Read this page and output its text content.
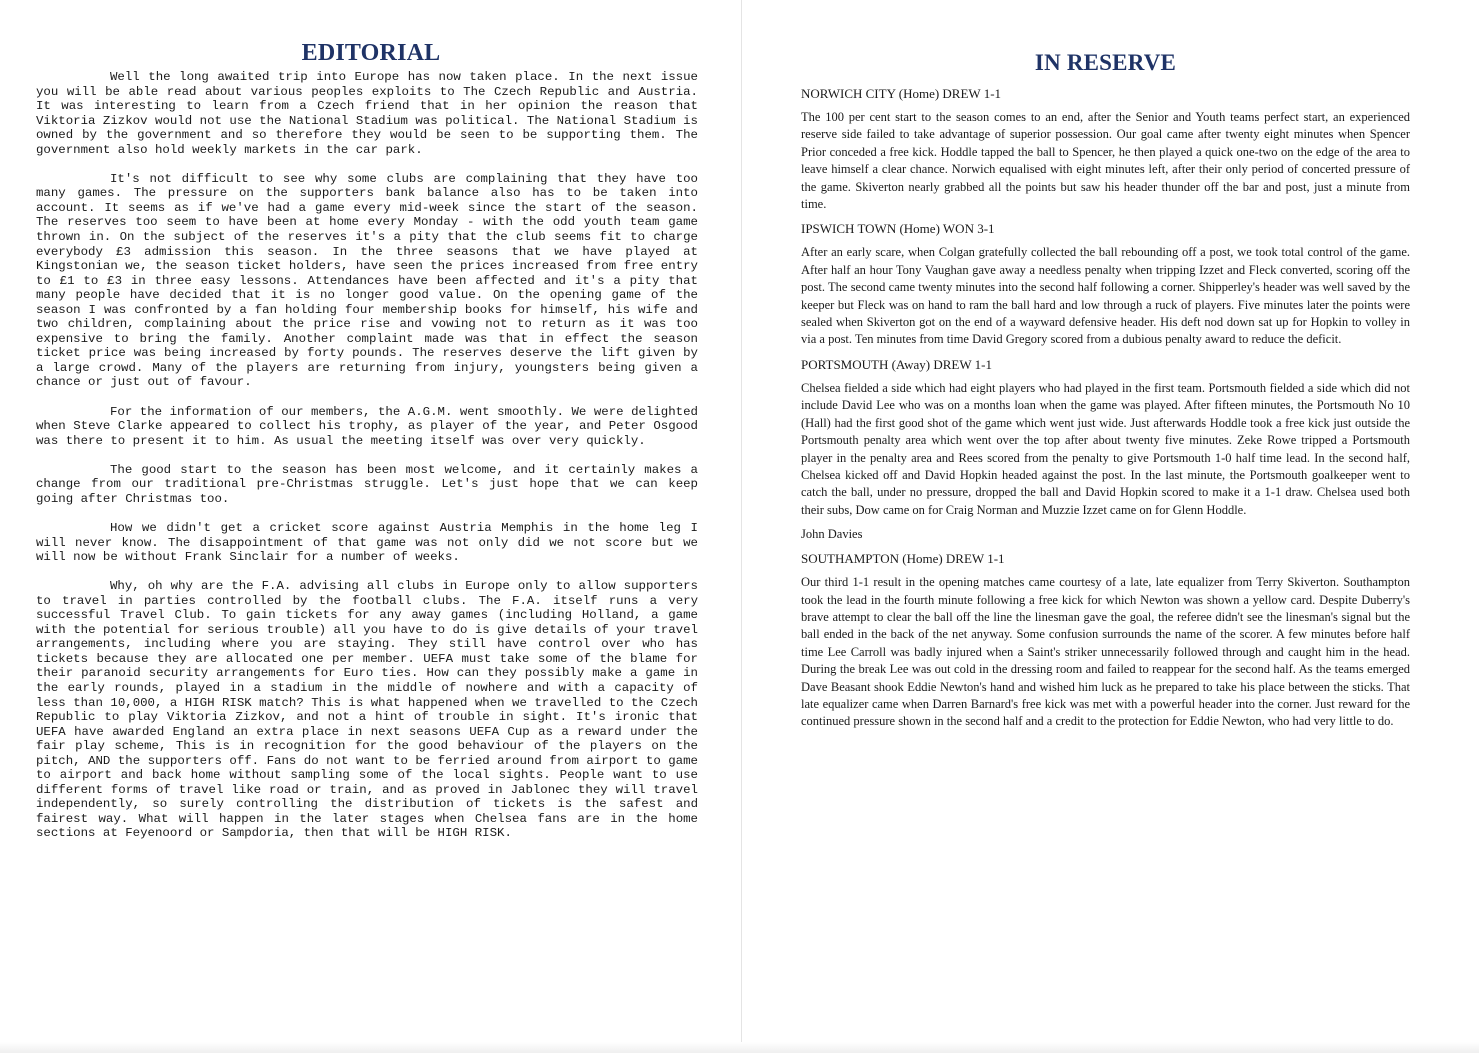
EDITORIAL

Well the long awaited trip into Europe has now taken place. In the next issue you will be able read about various peoples exploits to The Czech Republic and Austria. It was interesting to learn from a Czech friend that in her opinion the reason that Viktoria Zizkov would not use the National Stadium was political. The National Stadium is owned by the government and so therefore they would be seen to be supporting them. The government also hold weekly markets in the car park.

It's not difficult to see why some clubs are complaining that they have too many games. The pressure on the supporters bank balance also has to be taken into account. It seems as if we've had a game every mid-week since the start of the season. The reserves too seem to have been at home every Monday - with the odd youth team game thrown in. On the subject of the reserves it's a pity that the club seems fit to charge everybody £3 admission this season. In the three seasons that we have played at Kingstonian we, the season ticket holders, have seen the prices increased from free entry to £1 to £3 in three easy lessons. Attendances have been affected and it's a pity that many people have decided that it is no longer good value. On the opening game of the season I was confronted by a fan holding four membership books for himself, his wife and two children, complaining about the price rise and vowing not to return as it was too expensive to bring the family. Another complaint made was that in effect the season ticket price was being increased by forty pounds. The reserves deserve the lift given by a large crowd. Many of the players are returning from injury, youngsters being given a chance or just out of favour.

For the information of our members, the A.G.M. went smoothly. We were delighted when Steve Clarke appeared to collect his trophy, as player of the year, and Peter Osgood was there to present it to him. As usual the meeting itself was over very quickly.

The good start to the season has been most welcome, and it certainly makes a change from our traditional pre-Christmas struggle. Let's just hope that we can keep going after Christmas too.

How we didn't get a cricket score against Austria Memphis in the home leg I will never know. The disappointment of that game was not only did we not score but we will now be without Frank Sinclair for a number of weeks.

Why, oh why are the F.A. advising all clubs in Europe only to allow supporters to travel in parties controlled by the football clubs. The F.A. itself runs a very successful Travel Club. To gain tickets for any away games (including Holland, a game with the potential for serious trouble) all you have to do is give details of your travel arrangements, including where you are staying. They still have control over who has tickets because they are allocated one per member. UEFA must take some of the blame for their paranoid security arrangements for Euro ties. How can they possibly make a game in the early rounds, played in a stadium in the middle of nowhere and with a capacity of less than 10,000, a HIGH RISK match? This is what happened when we travelled to the Czech Republic to play Viktoria Zizkov, and not a hint of trouble in sight. It's ironic that UEFA have awarded England an extra place in next seasons UEFA Cup as a reward under the fair play scheme, This is in recognition for the good behaviour of the players on the pitch, AND the supporters off. Fans do not want to be ferried around from airport to game to airport and back home without sampling some of the local sights. People want to use different forms of travel like road or train, and as proved in Jablonec they will travel independently, so surely controlling the distribution of tickets is the safest and fairest way. What will happen in the later stages when Chelsea fans are in the home sections at Feyenoord or Sampdoria, then that will be HIGH RISK.

IN RESERVE
NORWICH CITY (Home) DREW 1-1

The 100 per cent start to the season comes to an end, after the Senior and Youth teams perfect start, an experienced reserve side failed to take advantage of superior possession. Our goal came after twenty eight minutes when Spencer Prior conceded a free kick. Hoddle tapped the ball to Spencer, he then played a quick one-two on the edge of the area to leave himself a clear chance. Norwich equalised with eight minutes left, after their only period of concerted pressure of the game. Skiverton nearly grabbed all the points but saw his header thunder off the bar and post, just a minute from time.

IPSWICH TOWN (Home) WON 3-1

After an early scare, when Colgan gratefully collected the ball rebounding off a post, we took total control of the game. After half an hour Tony Vaughan gave away a needless penalty when tripping Izzet and Fleck converted, scoring off the post. The second came twenty minutes into the second half following a corner. Shipperley's header was well saved by the keeper but Fleck was on hand to ram the ball hard and low through a ruck of players. Five minutes later the points were sealed when Skiverton got on the end of a wayward defensive header. His deft nod down sat up for Hopkin to volley in via a post. Ten minutes from time David Gregory scored from a dubious penalty award to reduce the deficit.

PORTSMOUTH (Away) DREW 1-1

Chelsea fielded a side which had eight players who had played in the first team. Portsmouth fielded a side which did not include David Lee who was on a months loan when the game was played. After fifteen minutes, the Portsmouth No 10 (Hall) had the first good shot of the game which went just wide. Just afterwards Hoddle took a free kick just outside the Portsmouth penalty area which went over the top after about twenty five minutes. Zeke Rowe tripped a Portsmouth player in the penalty area and Rees scored from the penalty to give Portsmouth 1-0 half time lead. In the second half, Chelsea kicked off and David Hopkin headed against the post. In the last minute, the Portsmouth goalkeeper went to catch the ball, under no pressure, dropped the ball and David Hopkin scored to make it a 1-1 draw. Chelsea used both their subs, Dow came on for Craig Norman and Muzzie Izzet came on for Glenn Hoddle.

John Davies
SOUTHAMPTON (Home) DREW 1-1

Our third 1-1 result in the opening matches came courtesy of a late, late equalizer from Terry Skiverton. Southampton took the lead in the fourth minute following a free kick for which Newton was shown a yellow card. Despite Duberry's brave attempt to clear the ball off the line the linesman gave the goal, the referee didn't see the linesman's signal but the ball ended in the back of the net anyway. Some confusion surrounds the name of the scorer. A few minutes before half time Lee Carroll was badly injured when a Saint's striker unnecessarily followed through and caught him in the head. During the break Lee was out cold in the dressing room and failed to reappear for the second half. As the teams emerged Dave Beasant shook Eddie Newton's hand and wished him luck as he prepared to take his place between the sticks. That late equalizer came when Darren Barnard's free kick was met with a powerful header into the corner. Just reward for the continued pressure shown in the second half and a credit to the protection for Eddie Newton, who had very little to do.
